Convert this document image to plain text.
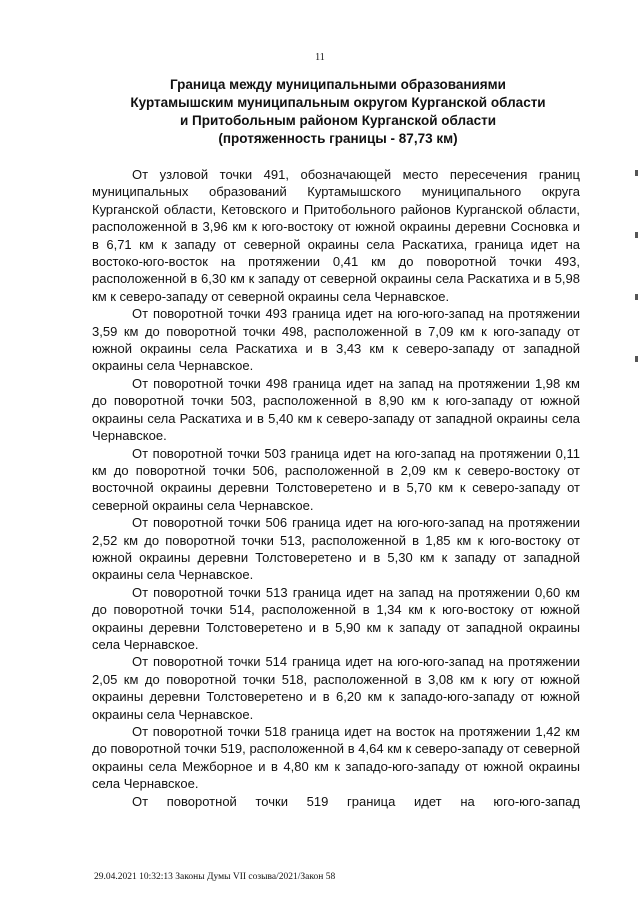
11
Граница между муниципальными образованиями
Куртамышским муниципальным округом Курганской области
и Притобольным районом Курганской области
(протяженность границы - 87,73 км)

От узловой точки 491, обозначающей место пересечения границ муниципальных образований Куртамышского муниципального округа Курганской области, Кетовского и Притобольного районов Курганской области, расположенной в 3,96 км к юго-востоку от южной окраины деревни Сосновка и в 6,71 км к западу от северной окраины села Раскатиха, граница идет на востоко-юго-восток на протяжении 0,41 км до поворотной точки 493, расположенной в 6,30 км к западу от северной окраины села Раскатиха и в 5,98 км к северо-западу от северной окраины села Чернавское.

От поворотной точки 493 граница идет на юго-юго-запад на протяжении 3,59 км до поворотной точки 498, расположенной в 7,09 км к юго-западу от южной окраины села Раскатиха и в 3,43 км к северо-западу от западной окраины села Чернавское.

От поворотной точки 498 граница идет на запад на протяжении 1,98 км до поворотной точки 503, расположенной в 8,90 км к юго-западу от южной окраины села Раскатиха и в 5,40 км к северо-западу от западной окраины села Чернавское.

От поворотной точки 503 граница идет на юго-запад на протяжении 0,11 км до поворотной точки 506, расположенной в 2,09 км к северо-востоку от восточной окраины деревни Толстоверетено и в 5,70 км к северо-западу от северной окраины села Чернавское.

От поворотной точки 506 граница идет на юго-юго-запад на протяжении 2,52 км до поворотной точки 513, расположенной в 1,85 км к юго-востоку от южной окраины деревни Толстоверетено и в 5,30 км к западу от западной окраины села Чернавское.

От поворотной точки 513 граница идет на запад на протяжении 0,60 км до поворотной точки 514, расположенной в 1,34 км к юго-востоку от южной окраины деревни Толстоверетено и в 5,90 км к западу от западной окраины села Чернавское.

От поворотной точки 514 граница идет на юго-юго-запад на протяжении 2,05 км до поворотной точки 518, расположенной в 3,08 км к югу от южной окраины деревни Толстоверетено и в 6,20 км к западо-юго-западу от южной окраины села Чернавское.

От поворотной точки 518 граница идет на восток на протяжении 1,42 км до поворотной точки 519, расположенной в 4,64 км к северо-западу от северной окраины села Межборное и в 4,80 км к западо-юго-западу от южной окраины села Чернавское.

От поворотной точки 519 граница идет на юго-юго-запад

29.04.2021 10:32:13 Законы Думы VII созыва/2021/Закон 58
